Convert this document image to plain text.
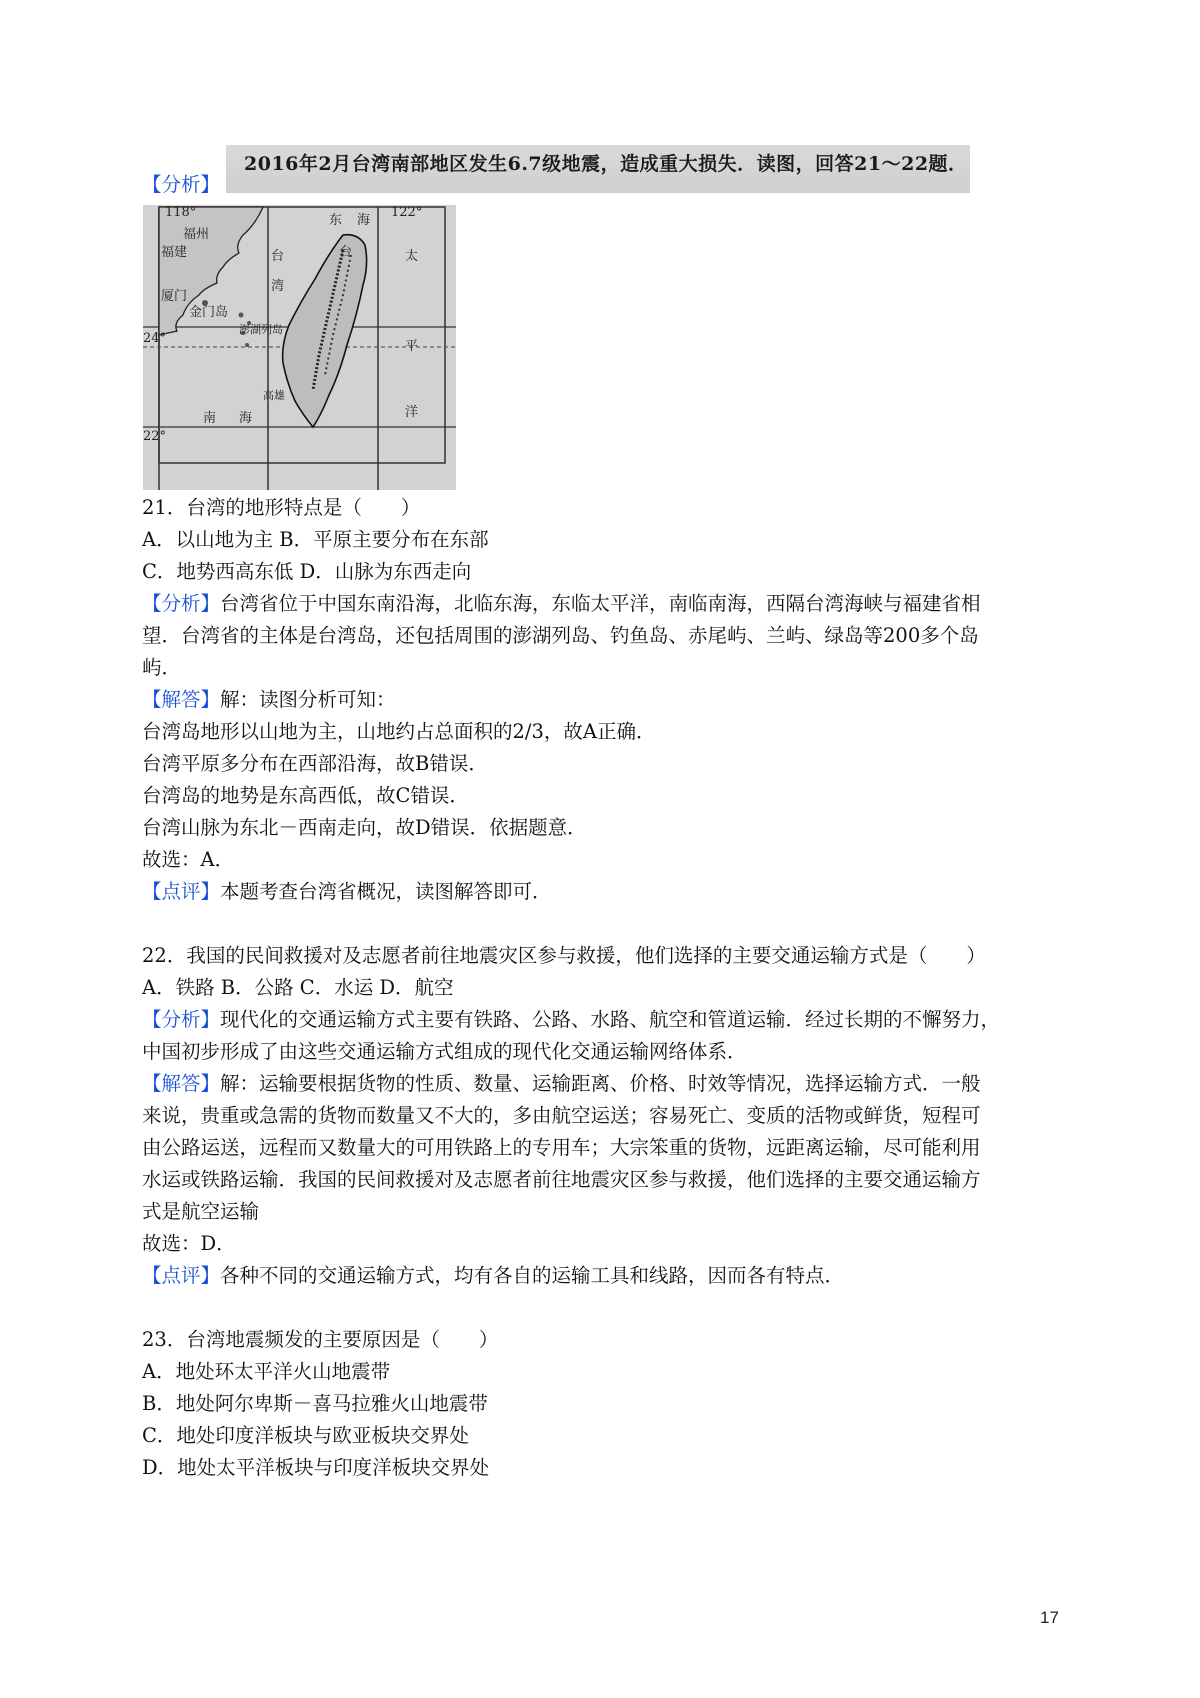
【分析】
2016年2月台湾南部地区发生6.7级地震，造成重大损失．读图，回答21～22题．
118°	122°
24°
22°
福州
福建
厦门
金门岛
澎湖列岛
台
湾
台
东 海
太
平
洋
南 海
高雄
21．台湾的地形特点是（　　）
A．以山地为主 B．平原主要分布在东部
C．地势西高东低 D．山脉为东西走向
【分析】台湾省位于中国东南沿海，北临东海，东临太平洋，南临南海，西隔台湾海峡与福建省相
望．台湾省的主体是台湾岛，还包括周围的澎湖列岛、钓鱼岛、赤尾屿、兰屿、绿岛等200多个岛
屿．
【解答】解：读图分析可知：
台湾岛地形以山地为主，山地约占总面积的2/3，故A正确．
台湾平原多分布在西部沿海，故B错误．
台湾岛的地势是东高西低，故C错误．
台湾山脉为东北－西南走向，故D错误．依据题意．
故选：A．
【点评】本题考查台湾省概况，读图解答即可．
22．我国的民间救援对及志愿者前往地震灾区参与救援，他们选择的主要交通运输方式是（　　）
A．铁路 B．公路 C．水运 D．航空
【分析】现代化的交通运输方式主要有铁路、公路、水路、航空和管道运输．经过长期的不懈努力，
中国初步形成了由这些交通运输方式组成的现代化交通运输网络体系．
【解答】解：运输要根据货物的性质、数量、运输距离、价格、时效等情况，选择运输方式．一般
来说，贵重或急需的货物而数量又不大的，多由航空运送；容易死亡、变质的活物或鲜货，短程可
由公路运送，远程而又数量大的可用铁路上的专用车；大宗笨重的货物，远距离运输，尽可能利用
水运或铁路运输．我国的民间救援对及志愿者前往地震灾区参与救援，他们选择的主要交通运输方
式是航空运输
故选：D．
【点评】各种不同的交通运输方式，均有各自的运输工具和线路，因而各有特点．
23．台湾地震频发的主要原因是（　　）
A．地处环太平洋火山地震带
B．地处阿尔卑斯－喜马拉雅火山地震带
C．地处印度洋板块与欧亚板块交界处
D．地处太平洋板块与印度洋板块交界处
17
